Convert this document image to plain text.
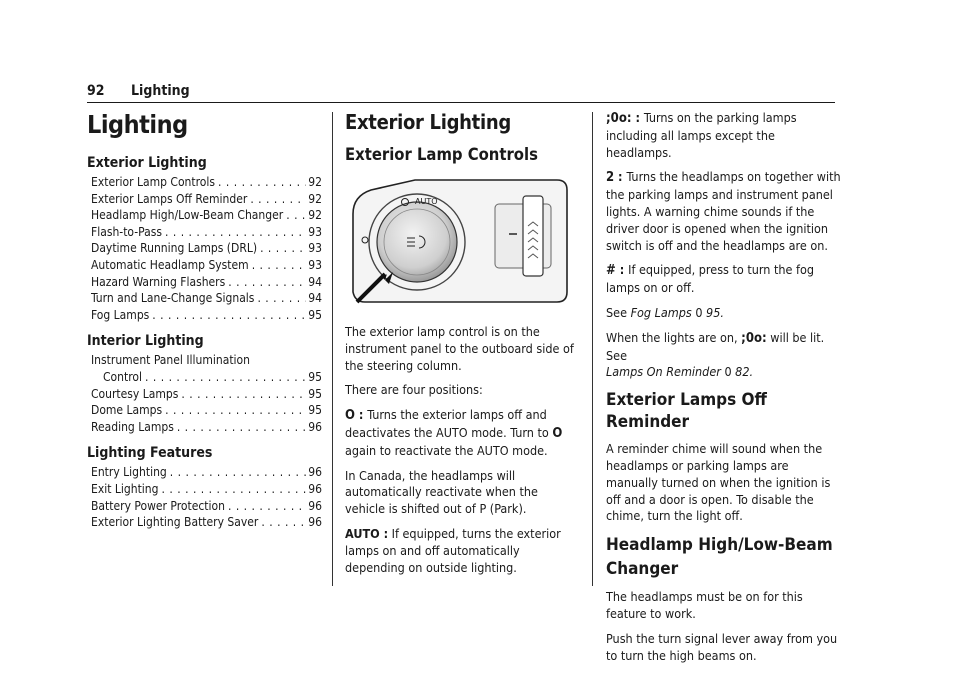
92 Lighting
Lighting
Exterior Lighting
Exterior Lamp Controls . . .	92
Exterior Lamps Off Reminder . . .	92
Headlamp High/Low-Beam Changer . . . 92
Flash-to-Pass . . .	93
Daytime Running Lamps (DRL) . . .	93
Automatic Headlamp System . . .	93
Hazard Warning Flashers . . .	94
Turn and Lane-Change Signals . . .	94
Fog Lamps . . .	95
Interior Lighting
Instrument Panel Illumination
Control . . .	95
Courtesy Lamps . . .	95
Dome Lamps . . .	95
Reading Lamps . . .	96
Lighting Features
Entry Lighting . . .	96
Exit Lighting . . .	96
Battery Power Protection . . .	96
Exterior Lighting Battery Saver . . .	96
Exterior Lighting
Exterior Lamp Controls
AUTO

The exterior lamp control is on the instrument panel to the outboard side of the steering column.

There are four positions:

O : Turns the exterior lamps off and deactivates the AUTO mode. Turn to O again to reactivate the AUTO mode.

In Canada, the headlamps will automatically reactivate when the vehicle is shifted out of P (Park).

AUTO : If equipped, turns the exterior lamps on and off automatically depending on outside lighting.

;0o: : Turns on the parking lamps including all lamps except the headlamps.

2 : Turns the headlamps on together with the parking lamps and instrument panel lights. A warning chime sounds if the driver door is opened when the ignition switch is off and the headlamps are on.

# : If equipped, press to turn the fog lamps on or off.

See Fog Lamps 0 95.

When the lights are on, ;0o: will be lit. See
Lamps On Reminder 0 82.

Exterior Lamps Off Reminder

A reminder chime will sound when the headlamps or parking lamps are manually turned on when the ignition is off and a door is open. To disable the chime, turn the light off.

Headlamp High/Low-Beam Changer

The headlamps must be on for this feature to work.

Push the turn signal lever away from you to turn the high beams on.
